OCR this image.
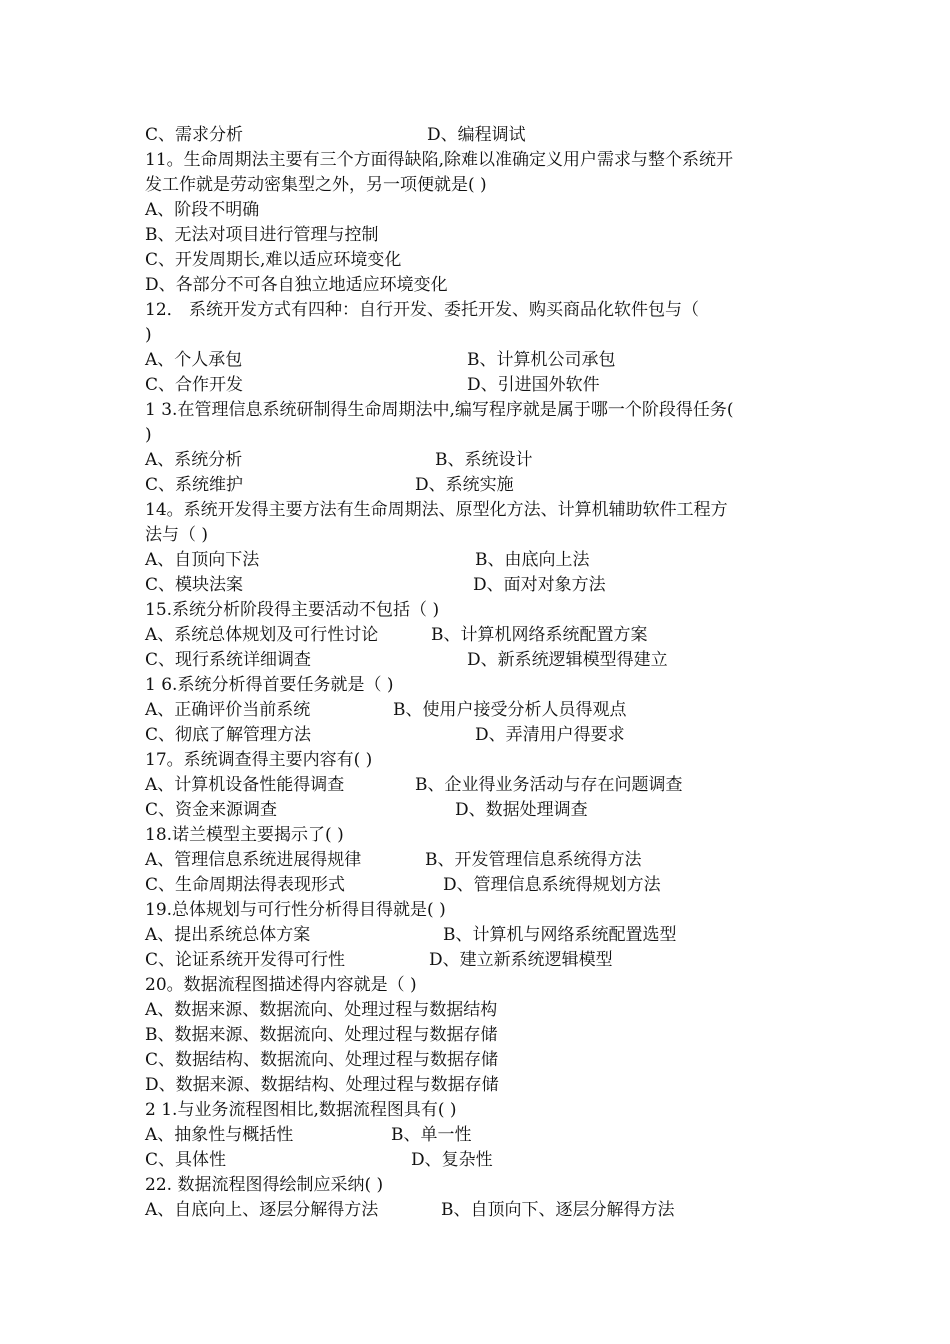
C、需求分析	D、编程调试
11。生命周期法主要有三个方面得缺陷,除难以准确定义用户需求与整个系统开
发工作就是劳动密集型之外，另一项便就是( )
A、阶段不明确
B、无法对项目进行管理与控制
C、开发周期长,难以适应环境变化
D、各部分不可各自独立地适应环境变化
12． 系统开发方式有四种：自行开发、委托开发、购买商品化软件包与（
)
A、个人承包	B、计算机公司承包
C、合作开发	D、引进国外软件
1 3.在管理信息系统研制得生命周期法中,编写程序就是属于哪一个阶段得任务(
)
A、系统分析	B、系统设计
C、系统维护	D、系统实施
14。系统开发得主要方法有生命周期法、原型化方法、计算机辅助软件工程方
法与（ )
A、自顶向下法	B、由底向上法
C、模块法案	D、面对对象方法
15.系统分析阶段得主要活动不包括（ )
A、系统总体规划及可行性讨论	B、计算机网络系统配置方案
C、现行系统详细调查	D、新系统逻辑模型得建立
1 6.系统分析得首要任务就是（ )
A、正确评价当前系统	B、使用户接受分析人员得观点
C、彻底了解管理方法	D、弄清用户得要求
17。系统调查得主要内容有( )
A、计算机设备性能得调查	B、企业得业务活动与存在问题调查
C、资金来源调查	D、数据处理调查
18.诺兰模型主要揭示了( )
A、管理信息系统进展得规律	B、开发管理信息系统得方法
C、生命周期法得表现形式	D、管理信息系统得规划方法
19.总体规划与可行性分析得目得就是( )
A、提出系统总体方案	B、计算机与网络系统配置选型
C、论证系统开发得可行性	D、建立新系统逻辑模型
20。数据流程图描述得内容就是（ )
A、数据来源、数据流向、处理过程与数据结构
B、数据来源、数据流向、处理过程与数据存储
C、数据结构、数据流向、处理过程与数据存储
D、数据来源、数据结构、处理过程与数据存储
2 1.与业务流程图相比,数据流程图具有( )
A、抽象性与概括性	B、单一性
C、具体性	D、复杂性
22. 数据流程图得绘制应采纳( )
A、自底向上、逐层分解得方法	B、自顶向下、逐层分解得方法
